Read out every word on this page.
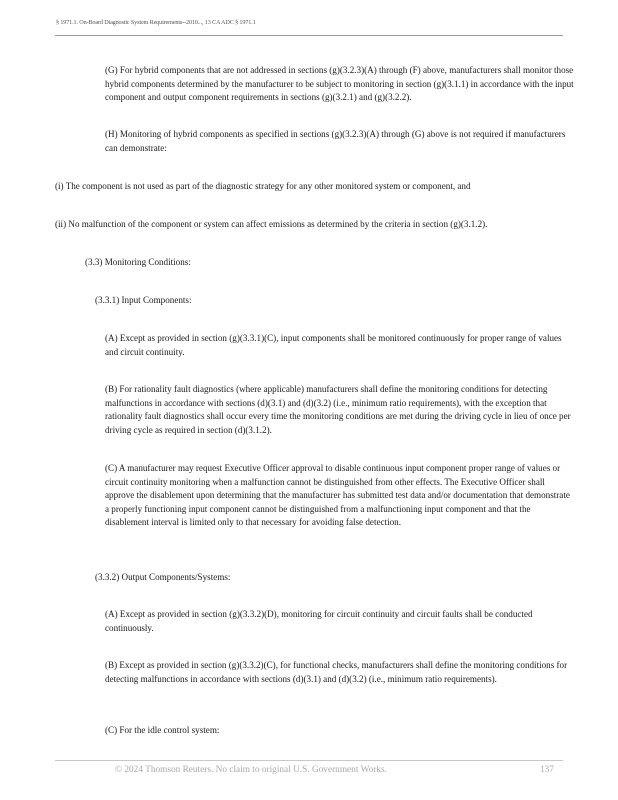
§ 1971.1. On-Board Diagnostic System Requirements--2010..., 13 CA ADC § 1971.1

(G) For hybrid components that are not addressed in sections (g)(3.2.3)(A) through (F) above, manufacturers shall monitor those hybrid components determined by the manufacturer to be subject to monitoring in section (g)(3.1.1) in accordance with the input component and output component requirements in sections (g)(3.2.1) and (g)(3.2.2).

(H) Monitoring of hybrid components as specified in sections (g)(3.2.3)(A) through (G) above is not required if manufacturers can demonstrate:

(i) The component is not used as part of the diagnostic strategy for any other monitored system or component, and

(ii) No malfunction of the component or system can affect emissions as determined by the criteria in section (g)(3.1.2).

(3.3) Monitoring Conditions:

(3.3.1) Input Components:

(A) Except as provided in section (g)(3.3.1)(C), input components shall be monitored continuously for proper range of values and circuit continuity.

(B) For rationality fault diagnostics (where applicable) manufacturers shall define the monitoring conditions for detecting malfunctions in accordance with sections (d)(3.1) and (d)(3.2) (i.e., minimum ratio requirements), with the exception that rationality fault diagnostics shall occur every time the monitoring conditions are met during the driving cycle in lieu of once per driving cycle as required in section (d)(3.1.2).

(C) A manufacturer may request Executive Officer approval to disable continuous input component proper range of values or circuit continuity monitoring when a malfunction cannot be distinguished from other effects. The Executive Officer shall approve the disablement upon determining that the manufacturer has submitted test data and/or documentation that demonstrate a properly functioning input component cannot be distinguished from a malfunctioning input component and that the disablement interval is limited only to that necessary for avoiding false detection.

(3.3.2) Output Components/Systems:

(A) Except as provided in section (g)(3.3.2)(D), monitoring for circuit continuity and circuit faults shall be conducted continuously.

(B) Except as provided in section (g)(3.3.2)(C), for functional checks, manufacturers shall define the monitoring conditions for detecting malfunctions in accordance with sections (d)(3.1) and (d)(3.2) (i.e., minimum ratio requirements).

(C) For the idle control system:

© 2024 Thomson Reuters. No claim to original U.S. Government Works.	137
